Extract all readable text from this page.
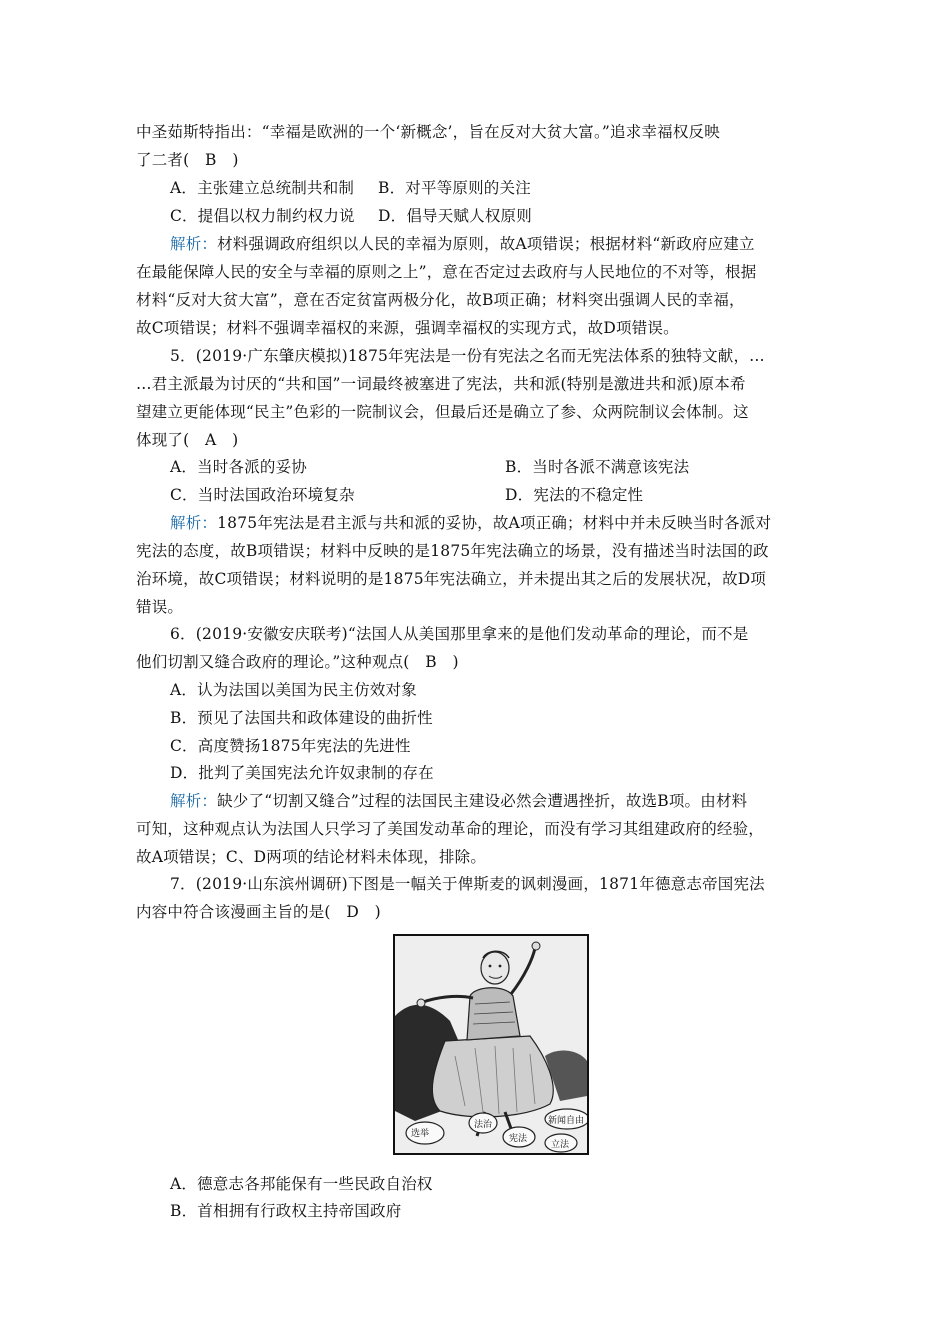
中圣茹斯特指出：“幸福是欧洲的一个‘新概念’，旨在反对大贫大富。”追求幸福权反映
了二者(　B　)
A．主张建立总统制共和制 B．对平等原则的关注
C．提倡以权力制约权力说 D．倡导天赋人权原则
解析：材料强调政府组织以人民的幸福为原则，故A项错误；根据材料“新政府应建立
在最能保障人民的安全与幸福的原则之上”，意在否定过去政府与人民地位的不对等，根据
材料“反对大贫大富”，意在否定贫富两极分化，故B项正确；材料突出强调人民的幸福，
故C项错误；材料不强调幸福权的来源，强调幸福权的实现方式，故D项错误。
5．(2019·广东肇庆模拟)1875年宪法是一份有宪法之名而无宪法体系的独特文献，…
…君主派最为讨厌的“共和国”一词最终被塞进了宪法，共和派(特别是激进共和派)原本希
望建立更能体现“民主”色彩的一院制议会，但最后还是确立了参、众两院制议会体制。这
体现了(　A　)
A．当时各派的妥协	B．当时各派不满意该宪法
C．当时法国政治环境复杂	D．宪法的不稳定性
解析：1875年宪法是君主派与共和派的妥协，故A项正确；材料中并未反映当时各派对
宪法的态度，故B项错误；材料中反映的是1875年宪法确立的场景，没有描述当时法国的政
治环境，故C项错误；材料说明的是1875年宪法确立，并未提出其之后的发展状况，故D项
错误。
6．(2019·安徽安庆联考)“法国人从美国那里拿来的是他们发动革命的理论，而不是
他们切割又缝合政府的理论。”这种观点(　B　)
A．认为法国以美国为民主仿效对象
B．预见了法国共和政体建设的曲折性
C．高度赞扬1875年宪法的先进性
D．批判了美国宪法允许奴隶制的存在
解析：缺少了“切割又缝合”过程的法国民主建设必然会遭遇挫折，故选B项。由材料
可知，这种观点认为法国人只学习了美国发动革命的理论，而没有学习其组建政府的经验，
故A项错误；C、D两项的结论材料未体现，排除。
7．(2019·山东滨州调研)下图是一幅关于俾斯麦的讽刺漫画，1871年德意志帝国宪法
内容中符合该漫画主旨的是(　D　)
选举
法治
宪法
立法
新闻自由
A．德意志各邦能保有一些民政自治权
B．首相拥有行政权主持帝国政府
